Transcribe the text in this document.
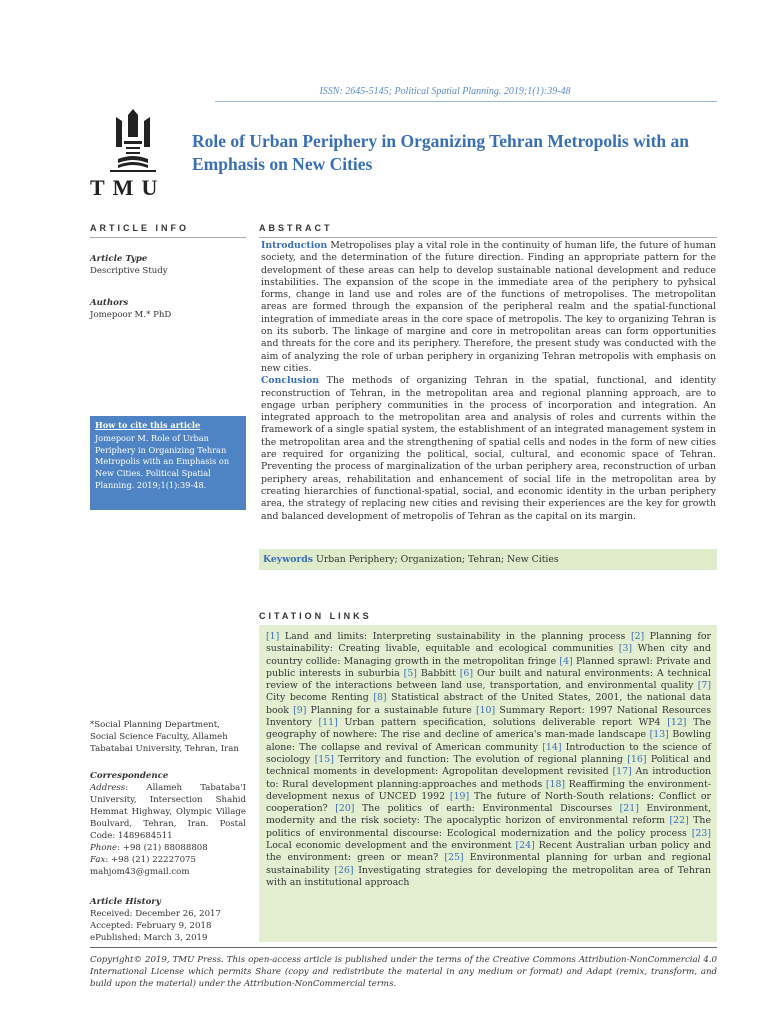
ISSN: 2645-5145; Political Spatial Planning. 2019;1(1):39-48
TMU
Role of Urban Periphery in Organizing Tehran Metropolis with an Emphasis on New Cities
ARTICLE INFO	ABSTRACT
Article Type
Descriptive Study
Authors
Jomepoor M.* PhD
How to cite this article
Jomepoor M. Role of Urban Periphery in Organizing Tehran Metropolis with an Emphasis on New Cities. Political Spatial Planning. 2019;1(1):39-48.

Introduction Metropolises play a vital role in the continuity of human life, the future of human society, and the determination of the future direction. Finding an appropriate pattern for the development of these areas can help to develop sustainable national development and reduce instabilities. The expansion of the scope in the immediate area of the periphery to pyhsical forms, change in land use and roles are of the functions of metropolises. The metropolitan areas are formed through the expansion of the peripheral realm and the spatial-functional integration of immediate areas in the core space of metropolis. The key to organizing Tehran is on its suborb. The linkage of margine and core in metropolitan areas can form opportunities and threats for the core and its periphery. Therefore, the present study was conducted with the aim of analyzing the role of urban periphery in organizing Tehran metropolis with emphasis on new cities.

Conclusion The methods of organizing Tehran in the spatial, functional, and identity reconstruction of Tehran, in the metropolitan area and regional planning approach, are to engage urban periphery communities in the process of incorporation and integration. An integrated approach to the metropolitan area and analysis of roles and currents within the framework of a single spatial system, the establishment of an integrated management system in the metropolitan area and the strengthening of spatial cells and nodes in the form of new cities are required for organizing the political, social, cultural, and economic space of Tehran. Preventing the process of marginalization of the urban periphery area, reconstruction of urban periphery areas, rehabilitation and enhancement of social life in the metropolitan area by creating hierarchies of functional-spatial, social, and economic identity in the urban periphery area, the strategy of replacing new cities and revising their experiences are the key for growth and balanced development of metropolis of Tehran as the capital on its margin.

Keywords Urban Periphery; Organization; Tehran; New Cities
CITATION LINKS
[1] Land and limits: Interpreting sustainability in the planning process [2] Planning for sustainability: Creating livable, equitable and ecological communities [3] When city and country collide: Managing growth in the metropolitan fringe [4] Planned sprawl: Private and public interests in suburbia [5] Babbitt [6] Our built and natural environments: A technical review of the interactions between land use, transportation, and environmental quality [7] City become Renting [8] Statistical abstract of the United States, 2001, the national data book [9] Planning for a sustainable future [10] Summary Report: 1997 National Resources Inventory [11] Urban pattern specification, solutions deliverable report WP4 [12] The geography of nowhere: The rise and decline of america's man-made landscape [13] Bowling alone: The collapse and revival of American community [14] Introduction to the science of sociology [15] Territory and function: The evolution of regional planning [16] Political and technical moments in development: Agropolitan development revisited [17] An introduction to: Rural development planning:approaches and methods [18] Reaffirming the environment-development nexus of UNCED 1992 [19] The future of North-South relations: Conflict or cooperation? [20] The politics of earth: Environmental Discourses [21] Environment, modernity and the risk society: The apocalyptic horizon of environmental reform [22] The politics of environmental discourse: Ecological modernization and the policy process [23] Local economic development and the environment [24] Recent Australian urban policy and the environment: green or mean? [25] Environmental planning for urban and regional sustainability [26] Investigating strategies for developing the metropolitan area of Tehran with an institutional approach
*Social Planning Department, Social Science Faculty, Allameh Tabatabai University, Tehran, Iran
Correspondence
Address: Allameh Tabataba'I University, Intersection Shahid Hemmat Highway, Olympic Village Boulvard, Tehran, Iran. Postal Code: 1489684511
Phone: +98 (21) 88088808
Fax: +98 (21) 22227075
mahjom43@gmail.com
Article History
Received: December 26, 2017
Accepted: February 9, 2018
ePublished: March 3, 2019

Copyright© 2019, TMU Press. This open-access article is published under the terms of the Creative Commons Attribution-NonCommercial 4.0 International License which permits Share (copy and redistribute the material in any medium or format) and Adapt (remix, transform, and build upon the material) under the Attribution-NonCommercial terms.
